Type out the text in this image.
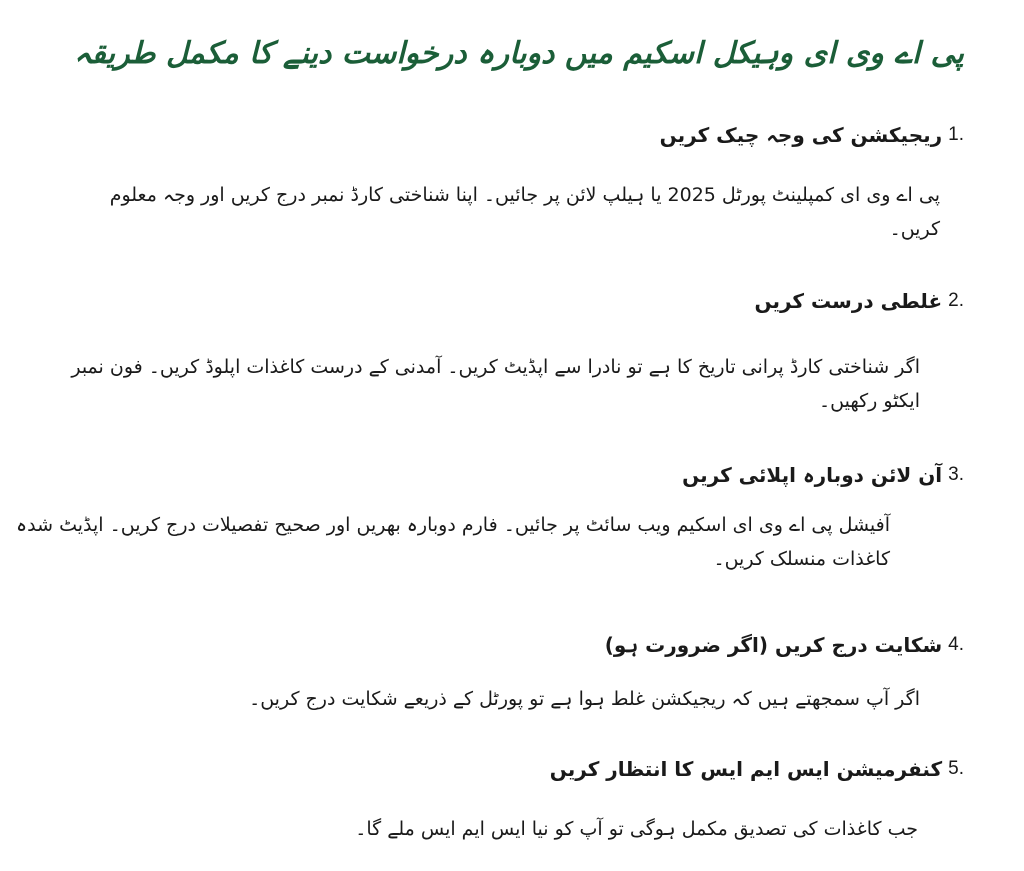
پی اے وی ای وہیکل اسکیم میں دوبارہ درخواست دینے کا مکمل طریقہ

1.
ریجیکشن کی وجہ چیک کریں

پی اے وی ای کمپلینٹ پورٹل 2025 یا ہیلپ لائن پر جائیں۔ اپنا شناختی کارڈ نمبر درج کریں اور وجہ معلوم کریں۔

2.
غلطی درست کریں

اگر شناختی کارڈ پرانی تاریخ کا ہے تو نادرا سے اپڈیٹ کریں۔ آمدنی کے درست کاغذات اپلوڈ کریں۔ فون نمبر ایکٹو رکھیں۔

3.
آن لائن دوبارہ اپلائی کریں

آفیشل پی اے وی ای اسکیم ویب سائٹ پر جائیں۔ فارم دوبارہ بھریں اور صحیح تفصیلات درج کریں۔ اپڈیٹ شدہ کاغذات منسلک کریں۔

4.
شکایت درج کریں (اگر ضرورت ہو)

اگر آپ سمجھتے ہیں کہ ریجیکشن غلط ہوا ہے تو پورٹل کے ذریعے شکایت درج کریں۔

5.
کنفرمیشن ایس ایم ایس کا انتظار کریں

جب کاغذات کی تصدیق مکمل ہوگی تو آپ کو نیا ایس ایم ایس ملے گا۔
